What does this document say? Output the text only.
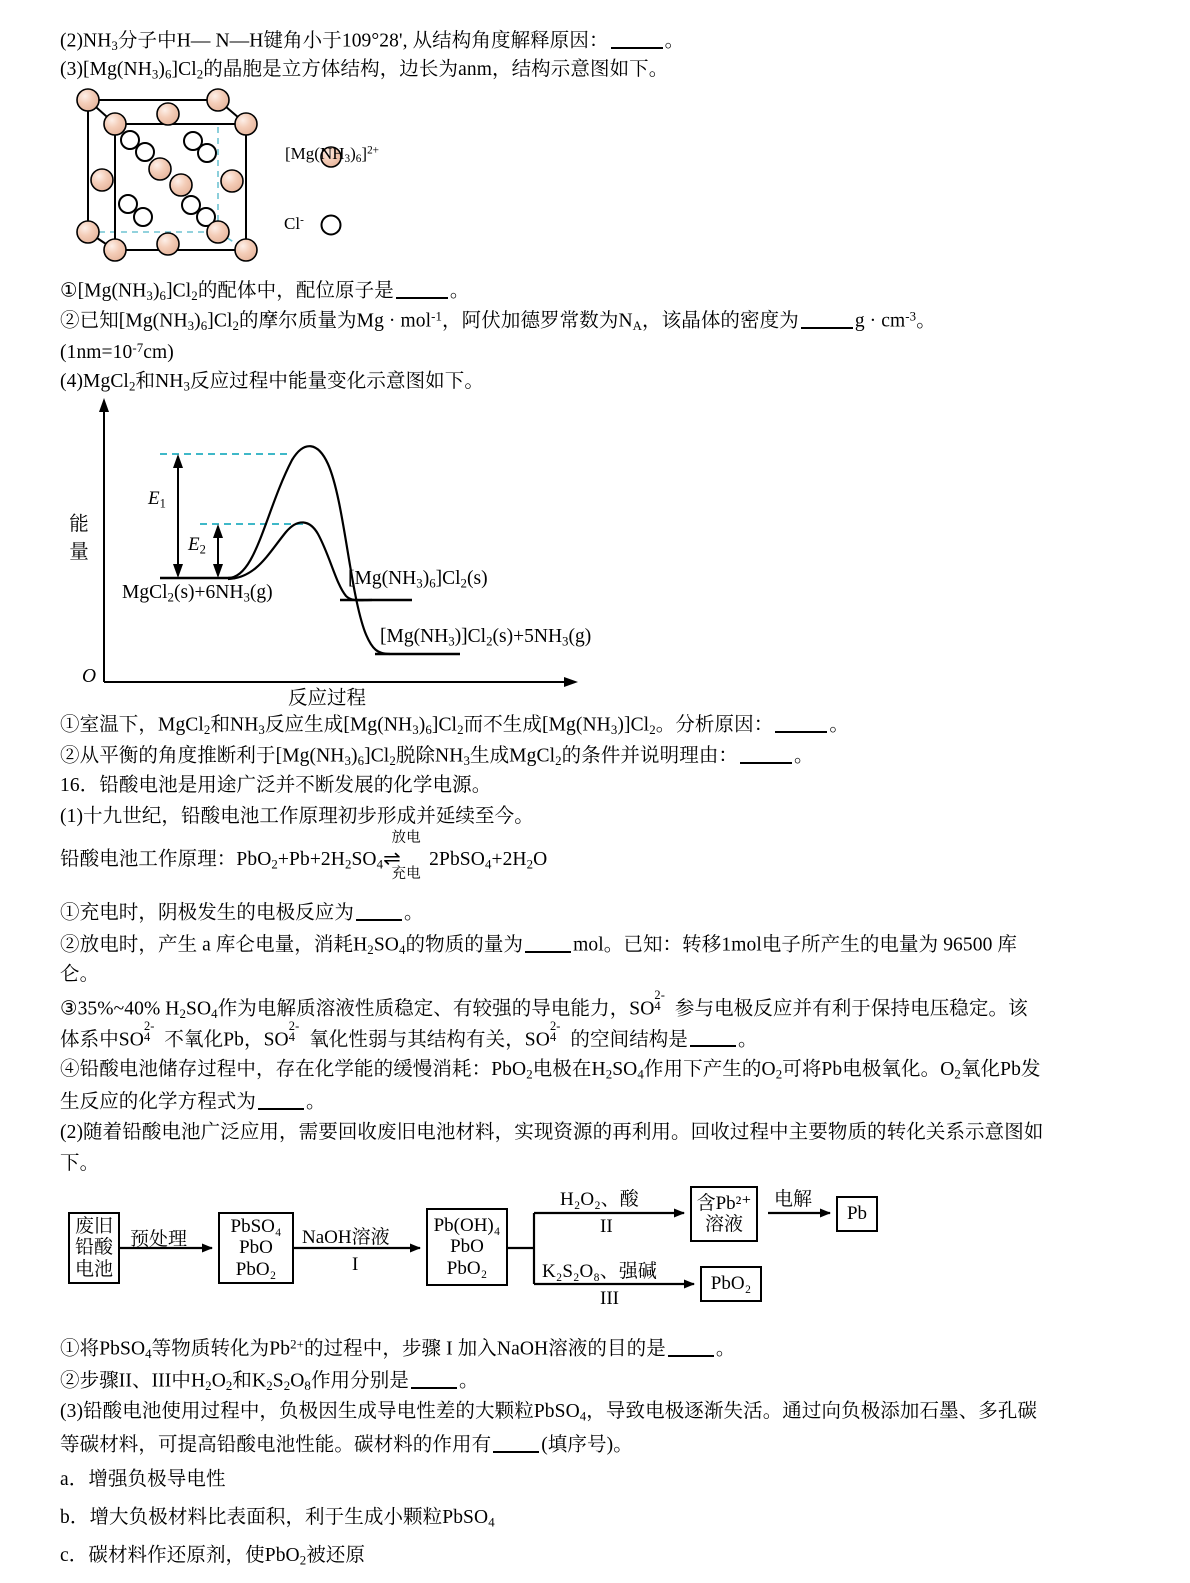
$(2)NH_3$分子中H— N—H键角小于109°28', 从结构角度解释原因：	。
$(3)[Mg(NH_3)_6]Cl_2$的晶胞是立方体结构，边长为anm，结构示意图如下。
$[Mg(NH_3)_6]^{2+}$
Cl-
$①[Mg(NH_3)_6]Cl_2$的配体中，配位原子是	。
②已知$[Mg(NH_3)_6]Cl_2$的摩尔质量为Mg · mol$^{-1}$，阿伏加德罗常数为$N_A$，该晶体的密度为	$g \cdot cm^{-3}$。
$(1nm=10^{-7}cm)$
(4)MgCl$_2$和$NH_3$反应过程中能量变化示意图如下。
$E_1$
$E_2$
能
量
O
反应过程
$MgCl_2(s)+6NH_3(g)$
$[Mg(NH_3)_6]Cl_2(s)$
$[Mg(NH_3)]Cl_2(s)+5NH_3(g)$
①室温下，MgCl$_2$和$NH_3$反应生成$[Mg(NH_3)_6]Cl_2$而不生成$[Mg(NH_3)]Cl_2$。分析原因：	。
②从平衡的角度推断利于$[Mg(NH_3)_6]Cl_2$脱除$NH_3$生成MgCl$_2$的条件并说明理由：	。
16．铅酸电池是用途广泛并不断发展的化学电源。
(1)十九世纪，铅酸电池工作原理初步形成并延续至今。
铅酸电池工作原理：$PbO_2+Pb+2H_2SO_4$
放电
⇌
充电
$2PbSO_4+2H_2O$
①充电时，阴极发生的电极反应为	。
②放电时，产生 a 库仑电量，消耗$H_2SO_4$的物质的量为	mol。已知：转移1mol电子所产生的电量为 96500 库
仑。
③35%~40% $H_2SO_4$作为电解质溶液性质稳定、有较强的导电能力，SO
2-
4 参与电极反应并有利于保持电压稳定。该
体系中SO
2-
4 不氧化Pb，SO
2-
4 氧化性弱与其结构有关，SO
2-
4 的空间结构是	。
④铅酸电池储存过程中，存在化学能的缓慢消耗：PbO$_2$电极在$H_2SO_4$作用下产生的$O_2$可将Pb电极氧化。$O_2$氧化Pb发
生反应的化学方程式为	。
(2)随着铅酸电池广泛应用，需要回收废旧电池材料，实现资源的再利用。回收过程中主要物质的转化关系示意图如
下。
废旧
铅酸
电池
PbSO₄
PbO
PbO₂
Pb(OH)₄
PbO
PbO₂
含Pb²⁺
溶液
Pb
PbO₂
预处理	NaOH溶液
I
H₂O₂、酸
II
K₂S₂O₈、强碱
III
电解
①将PbSO$_4$等物质转化为$Pb^{2+}$的过程中，步骤 I 加入NaOH溶液的目的是	。
②步骤II、III中$H_2O_2$和$K_2S_2O_8$作用分别是	。
(3)铅酸电池使用过程中，负极因生成导电性差的大颗粒PbSO$_4$，导致电极逐渐失活。通过向负极添加石墨、多孔碳
等碳材料，可提高铅酸电池性能。碳材料的作用有	(填序号)。
a．增强负极导电性
b．增大负极材料比表面积，利于生成小颗粒PbSO$_4$
c．碳材料作还原剂，使PbO$_2$被还原
